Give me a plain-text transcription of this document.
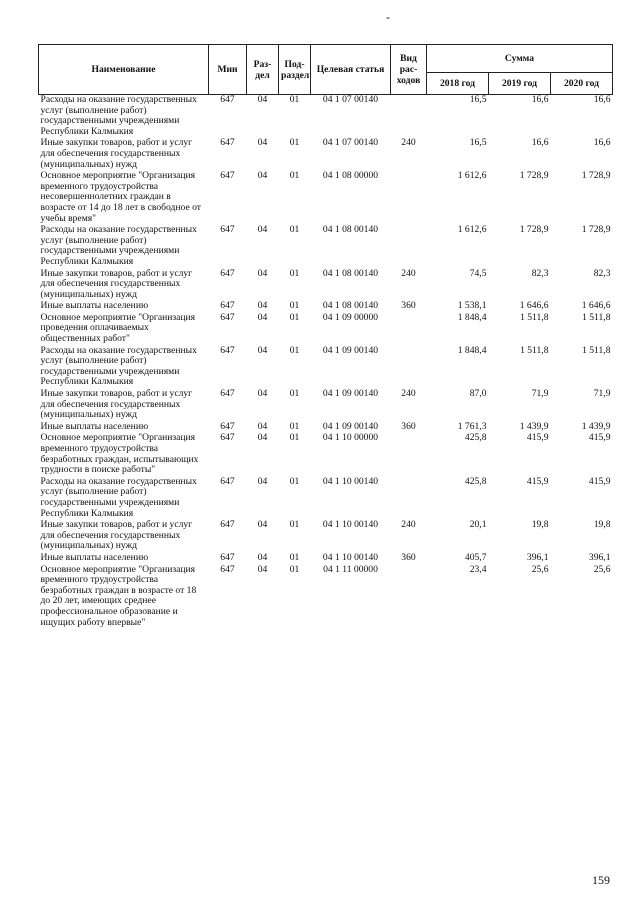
-
Наименование	Мин	Раз-дел	Под-раздел	Целевая статья	Вид рас-ходов	Сумма		
						2018 год	2019 год	2020 год
Расходы на оказание государственных услуг (выполнение работ) государственными учреждениями Республики Калмыкия	647	04	01	04 1 07 00140		16,5	16,6	16,6
Иные закупки товаров, работ и услуг для обеспечения государственных (муниципальных) нужд	647	04	01	04 1 07 00140	240	16,5	16,6	16,6
Основное мероприятие "Организация временного трудоустройства несовершеннолетних граждан в возрасте от 14 до 18 лет в свободное от учебы время"	647	04	01	04 1 08 00000		1 612,6	1 728,9	1 728,9
Расходы на оказание государственных услуг (выполнение работ) государственными учреждениями Республики Калмыкия	647	04	01	04 1 08 00140		1 612,6	1 728,9	1 728,9
Иные закупки товаров, работ и услуг для обеспечения государственных (муниципальных) нужд	647	04	01	04 1 08 00140	240	74,5	82,3	82,3
Иные выплаты населению	647	04	01	04 1 08 00140	360	1 538,1	1 646,6	1 646,6
Основное мероприятие "Организация проведения оплачиваемых общественных работ"	647	04	01	04 1 09 00000		1 848,4	1 511,8	1 511,8
Расходы на оказание государственных услуг (выполнение работ) государственными учреждениями Республики Калмыкия	647	04	01	04 1 09 00140		1 848,4	1 511,8	1 511,8
Иные закупки товаров, работ и услуг для обеспечения государственных (муниципальных) нужд	647	04	01	04 1 09 00140	240	87,0	71,9	71,9
Иные выплаты населению	647	04	01	04 1 09 00140	360	1 761,3	1 439,9	1 439,9
Основное мероприятие "Организация временного трудоустройства безработных граждан, испытывающих трудности в поиске работы"	647	04	01	04 1 10 00000		425,8	415,9	415,9
Расходы на оказание государственных услуг (выполнение работ) государственными учреждениями Республики Калмыкия	647	04	01	04 1 10 00140		425,8	415,9	415,9
Иные закупки товаров, работ и услуг для обеспечения государственных (муниципальных) нужд	647	04	01	04 1 10 00140	240	20,1	19,8	19,8
Иные выплаты населению	647	04	01	04 1 10 00140	360	405,7	396,1	396,1
Основное мероприятие "Организация временного трудоустройства безработных граждан в возрасте от 18 до 20 лет, имеющих среднее профессиональное образование и ищущих работу впервые"	647	04	01	04 1 11 00000		23,4	25,6	25,6
159
